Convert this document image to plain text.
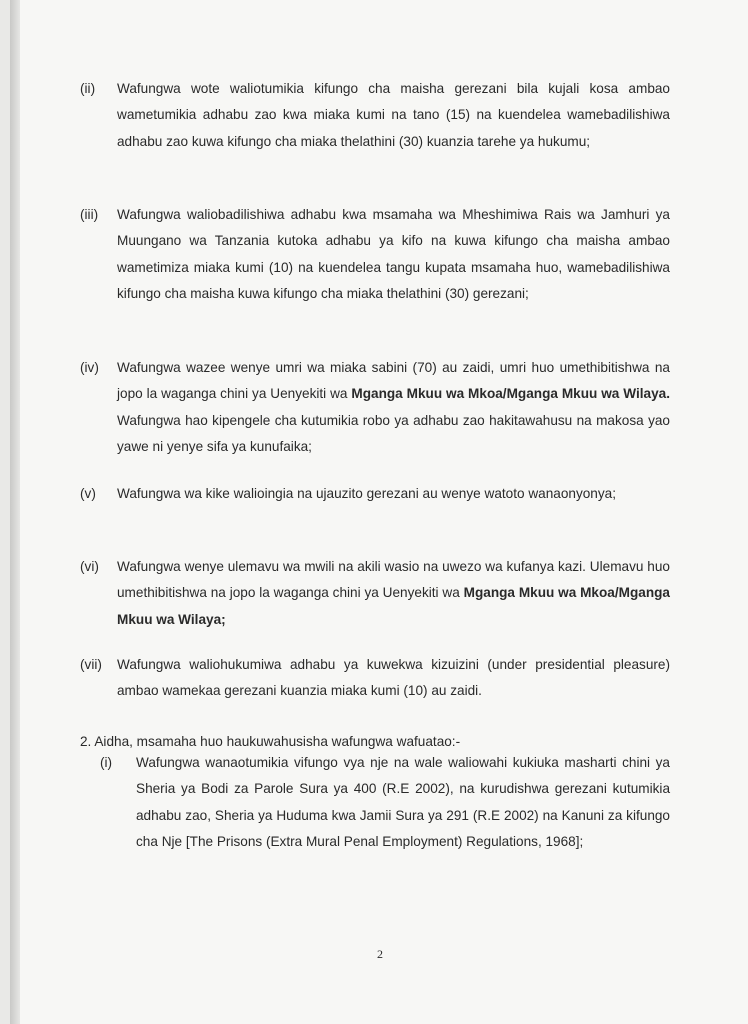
(ii)	Wafungwa wote waliotumikia kifungo cha maisha gerezani bila kujali kosa ambao wametumikia adhabu zao kwa miaka kumi na tano (15) na kuendelea wamebadilishiwa adhabu zao kuwa kifungo cha miaka thelathini (30) kuanzia tarehe ya hukumu;
(iii)	Wafungwa waliobadilishiwa adhabu kwa msamaha wa Mheshimiwa Rais wa Jamhuri ya Muungano wa Tanzania kutoka adhabu ya kifo na kuwa kifungo cha maisha ambao wametimiza miaka kumi (10) na kuendelea tangu kupata msamaha huo, wamebadilishiwa kifungo cha maisha kuwa kifungo cha miaka thelathini (30) gerezani;
(iv)	Wafungwa wazee wenye umri wa miaka sabini (70) au zaidi, umri huo umethibitishwa na jopo la waganga chini ya Uenyekiti wa Mganga Mkuu wa Mkoa/Mganga Mkuu wa Wilaya. Wafungwa hao kipengele cha kutumikia robo ya adhabu zao hakitawahusu na makosa yao yawe ni yenye sifa ya kunufaika;
(v)	Wafungwa wa kike walioingia na ujauzito gerezani au wenye watoto wanaonyonya;
(vi)	Wafungwa wenye ulemavu wa mwili na akili wasio na uwezo wa kufanya kazi. Ulemavu huo umethibitishwa na jopo la waganga chini ya Uenyekiti wa Mganga Mkuu wa Mkoa/Mganga Mkuu wa Wilaya;
(vii)	Wafungwa waliohukumiwa adhabu ya kuwekwa kizuizini (under presidential pleasure) ambao wamekaa gerezani kuanzia miaka kumi (10) au zaidi.
2. Aidha, msamaha huo haukuwahusisha wafungwa wafuatao:-
(i)	Wafungwa wanaotumikia vifungo vya nje na wale waliowahi kukiuka masharti chini ya Sheria ya Bodi za Parole Sura ya 400 (R.E 2002), na kurudishwa gerezani kutumikia adhabu zao, Sheria ya Huduma kwa Jamii Sura ya 291 (R.E 2002) na Kanuni za kifungo cha Nje [The Prisons (Extra Mural Penal Employment) Regulations, 1968];
2
